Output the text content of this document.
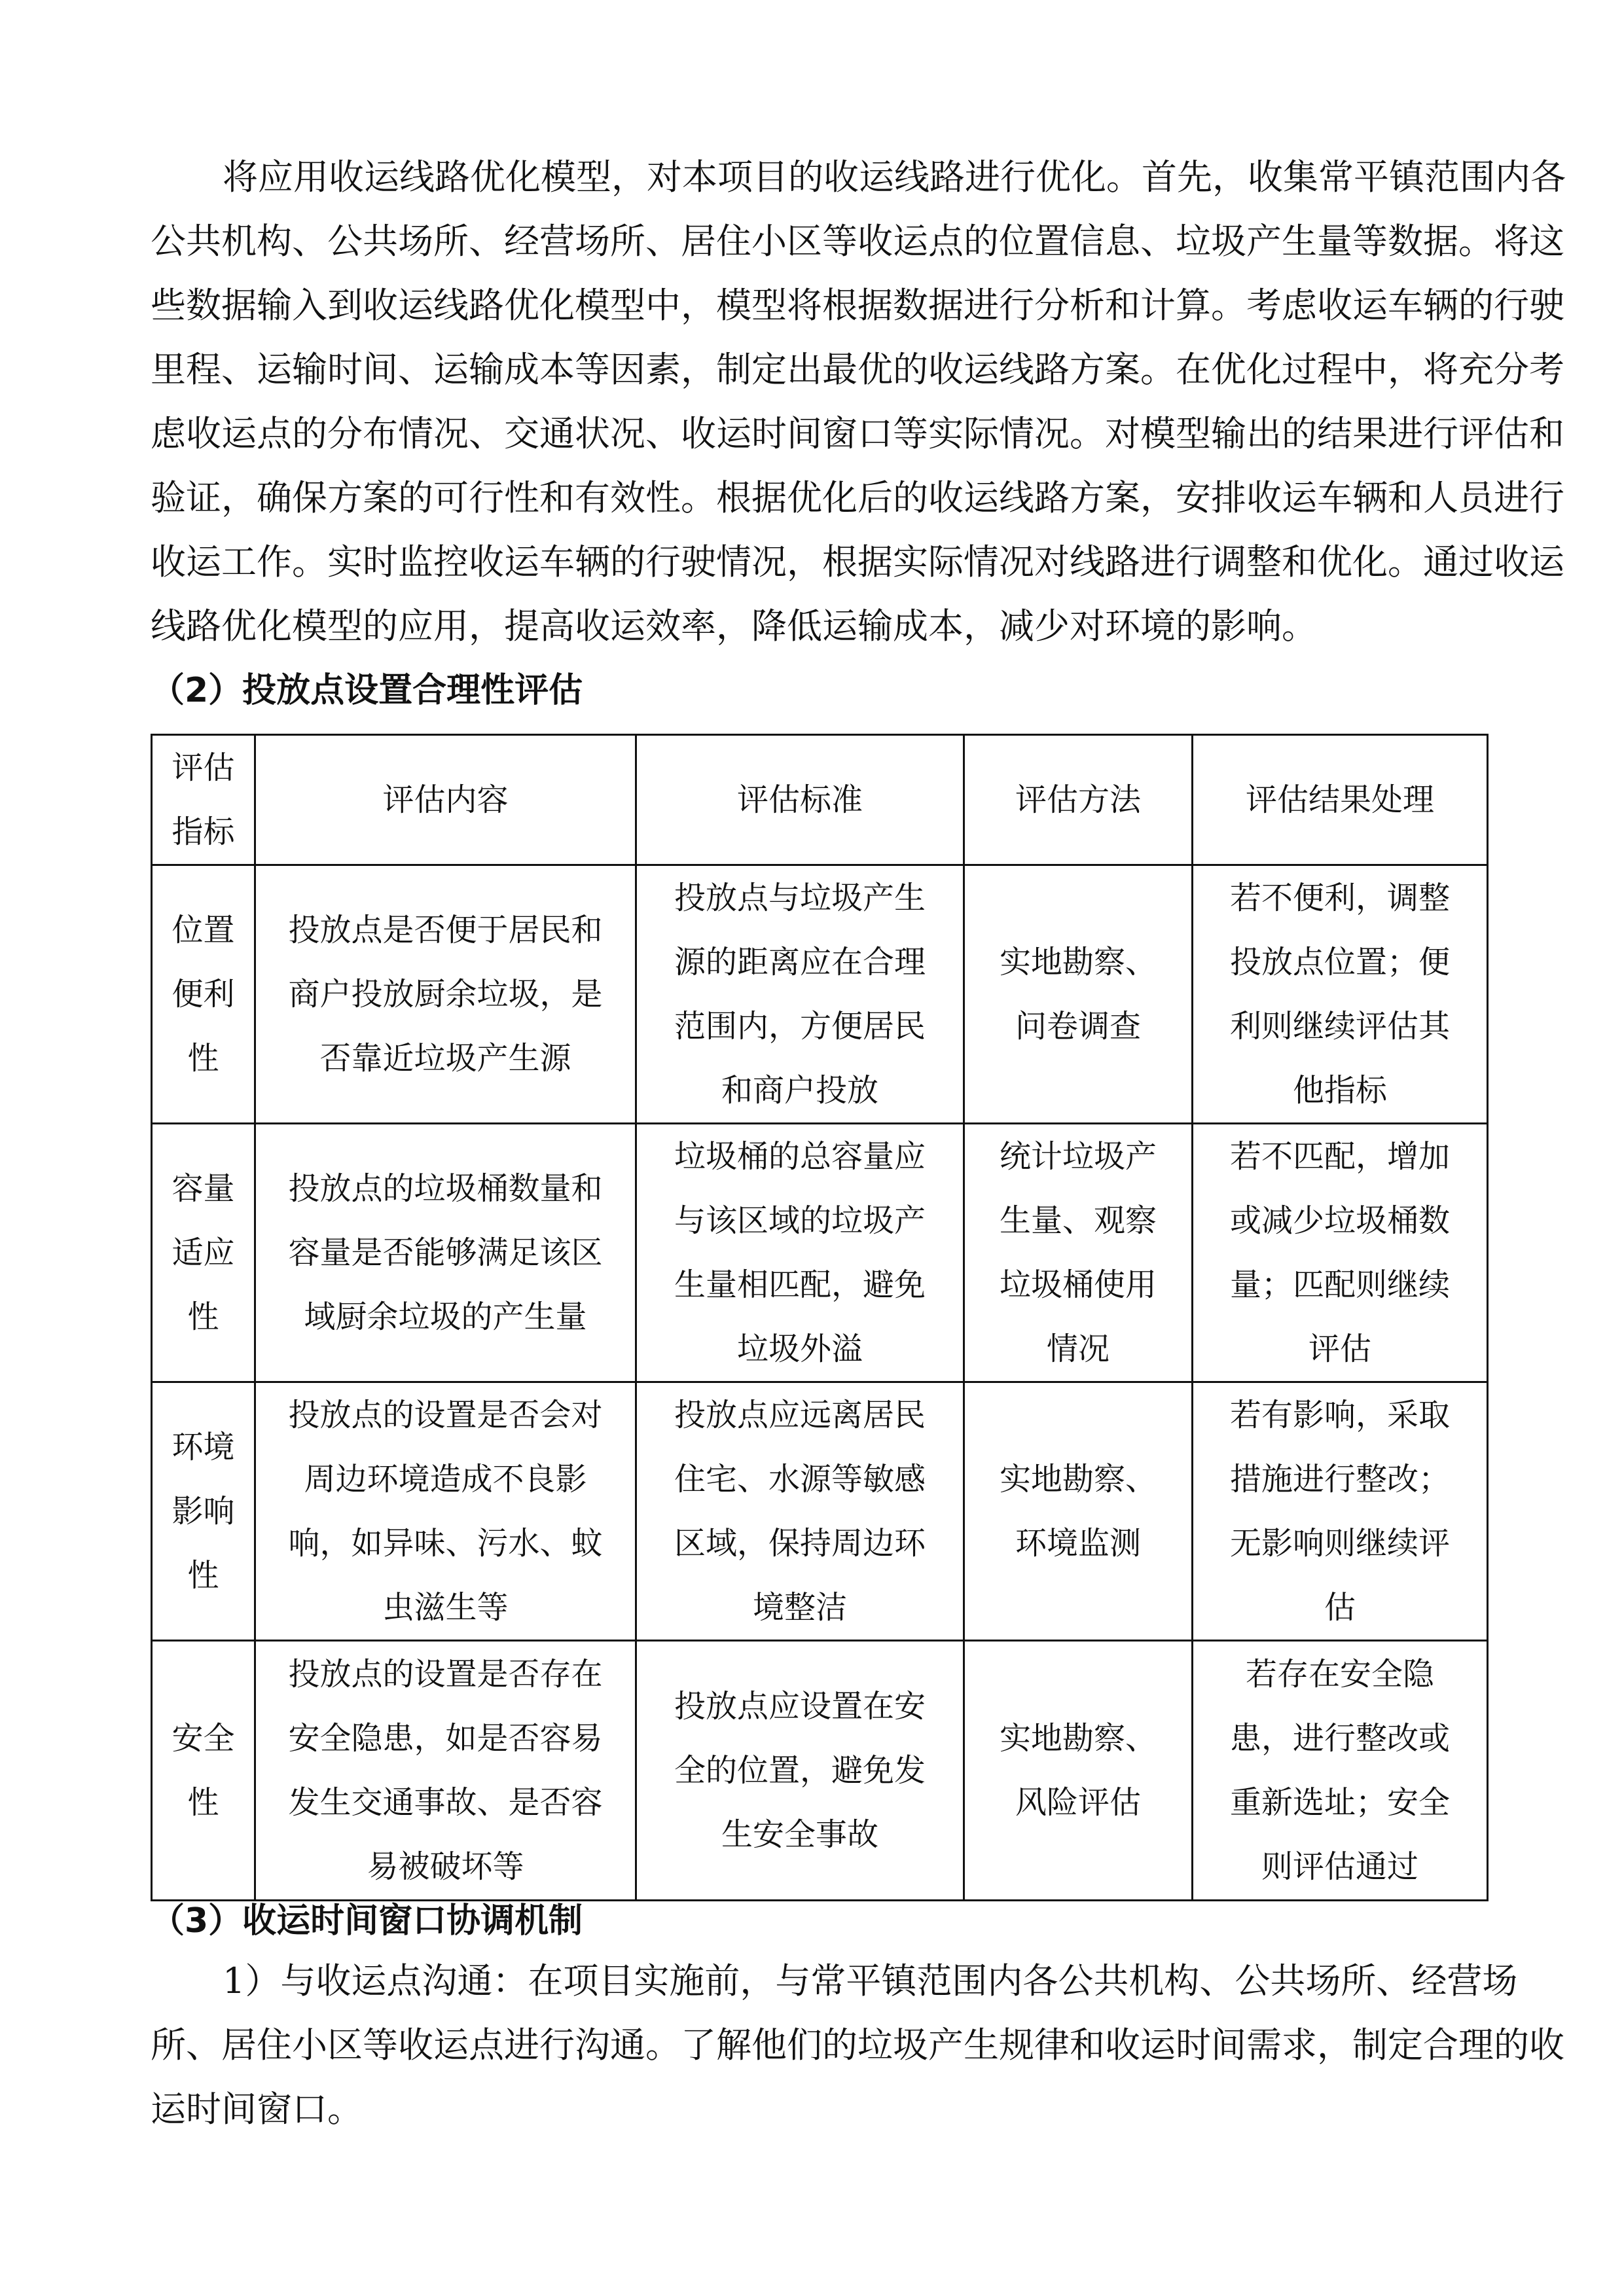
将应用收运线路优化模型，对本项目的收运线路进行优化。首先，收集常平镇范围内各
公共机构、公共场所、经营场所、居住小区等收运点的位置信息、垃圾产生量等数据。将这
些数据输入到收运线路优化模型中，模型将根据数据进行分析和计算。考虑收运车辆的行驶
里程、运输时间、运输成本等因素，制定出最优的收运线路方案。在优化过程中，将充分考
虑收运点的分布情况、交通状况、收运时间窗口等实际情况。对模型输出的结果进行评估和
验证，确保方案的可行性和有效性。根据优化后的收运线路方案，安排收运车辆和人员进行
收运工作。实时监控收运车辆的行驶情况，根据实际情况对线路进行调整和优化。通过收运
线路优化模型的应用，提高收运效率，降低运输成本，减少对环境的影响。
（2）投放点设置合理性评估
评估
指标	评估内容	评估标准	评估方法	评估结果处理

位置
便利
性	投放点是否便于居民和
商户投放厨余垃圾，是
否靠近垃圾产生源	投放点与垃圾产生
源的距离应在合理
范围内，方便居民
和商户投放	实地勘察、
问卷调查	若不便利，调整
投放点位置；便
利则继续评估其
他指标

容量
适应
性	投放点的垃圾桶数量和
容量是否能够满足该区
域厨余垃圾的产生量	垃圾桶的总容量应
与该区域的垃圾产
生量相匹配，避免
垃圾外溢	统计垃圾产
生量、观察
垃圾桶使用
情况	若不匹配，增加
或减少垃圾桶数
量；匹配则继续
评估

环境
影响
性	投放点的设置是否会对
周边环境造成不良影
响，如异味、污水、蚊
虫滋生等	投放点应远离居民
住宅、水源等敏感
区域，保持周边环
境整洁	实地勘察、
环境监测	若有影响，采取
措施进行整改；
无影响则继续评
估

安全
性	投放点的设置是否存在
安全隐患，如是否容易
发生交通事故、是否容
易被破坏等	投放点应设置在安
全的位置，避免发
生安全事故	实地勘察、
风险评估	若存在安全隐
患，进行整改或
重新选址；安全
则评估通过
（3）收运时间窗口协调机制
1）与收运点沟通：在项目实施前，与常平镇范围内各公共机构、公共场所、经营场
所、居住小区等收运点进行沟通。了解他们的垃圾产生规律和收运时间需求，制定合理的收
运时间窗口。
